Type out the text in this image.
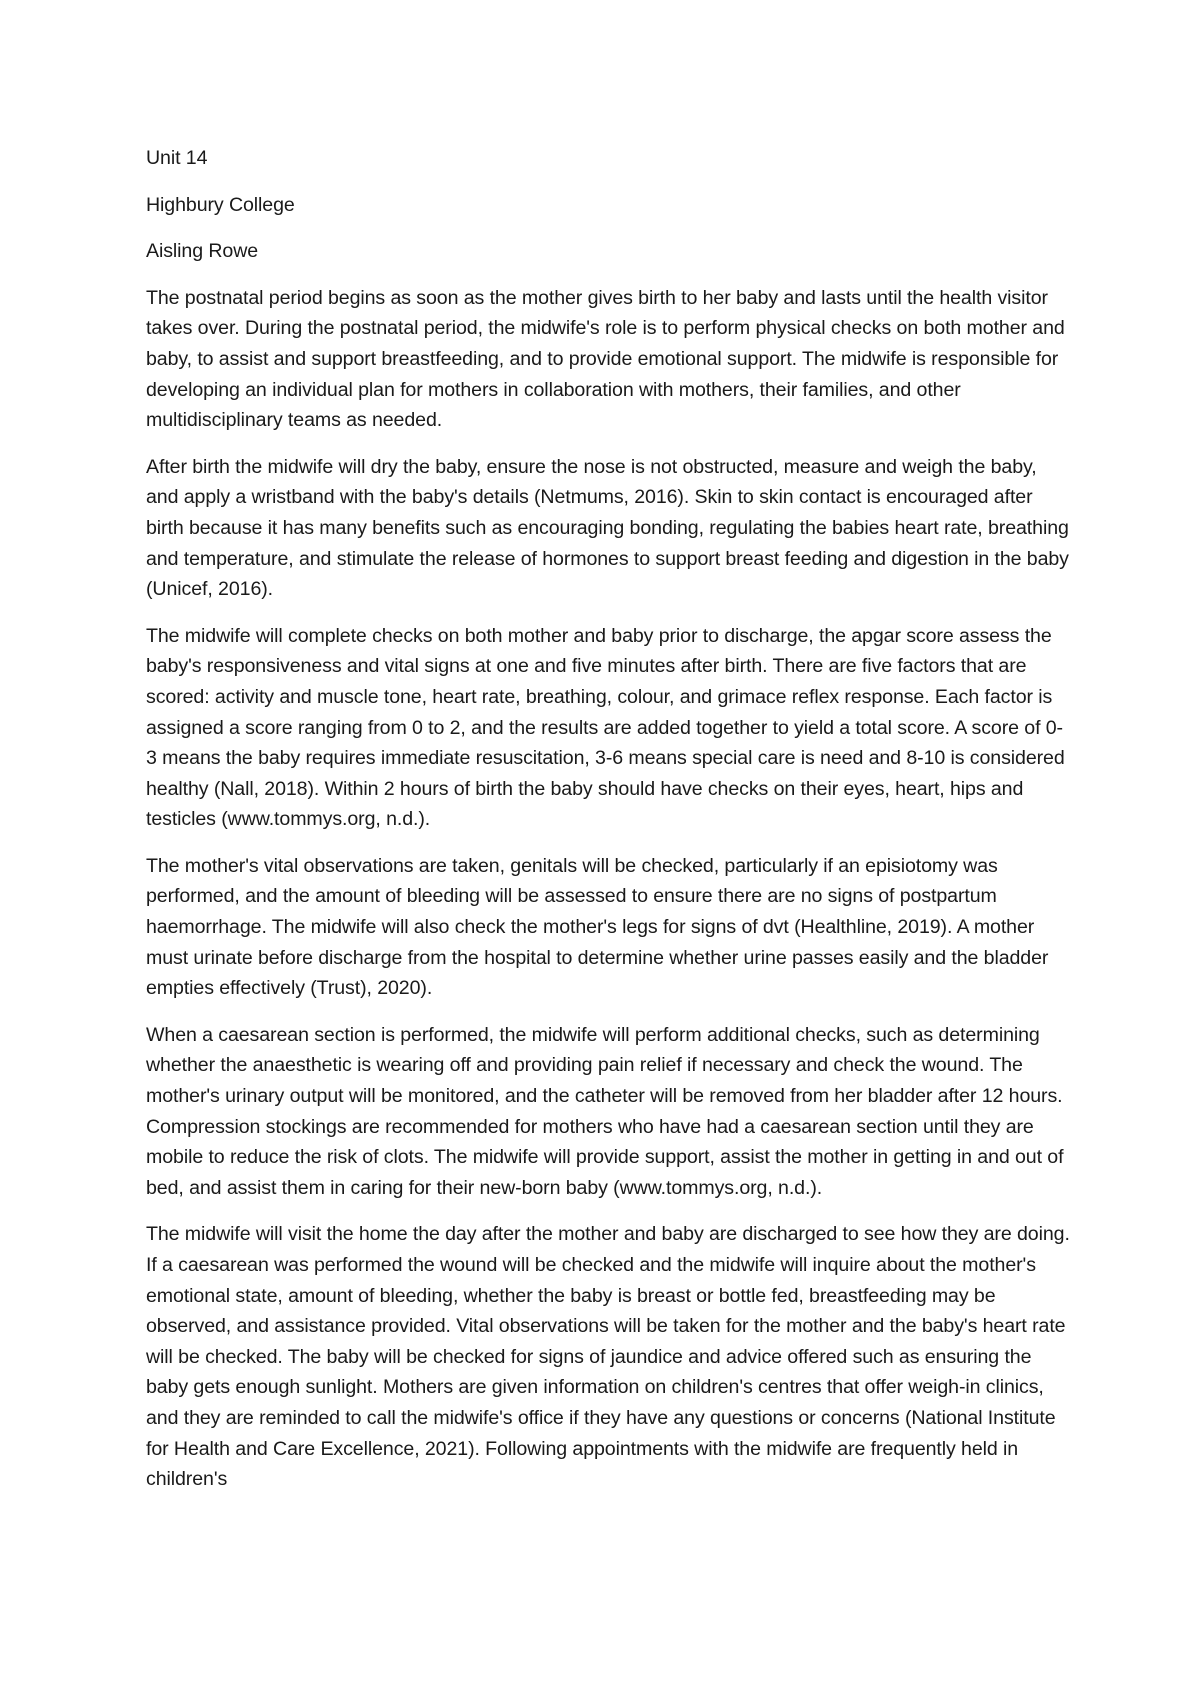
Unit 14

Highbury College

Aisling Rowe

The postnatal period begins as soon as the mother gives birth to her baby and lasts until the health visitor takes over. During the postnatal period, the midwife's role is to perform physical checks on both mother and baby, to assist and support breastfeeding, and to provide emotional support. The midwife is responsible for developing an individual plan for mothers in collaboration with mothers, their families, and other multidisciplinary teams as needed.

After birth the midwife will dry the baby, ensure the nose is not obstructed, measure and weigh the baby, and apply a wristband with the baby's details (Netmums, 2016). Skin to skin contact is encouraged after birth because it has many benefits such as encouraging bonding, regulating the babies heart rate, breathing and temperature, and stimulate the release of hormones to support breast feeding and digestion in the baby (Unicef, 2016).

The midwife will complete checks on both mother and baby prior to discharge, the apgar score assess the baby's responsiveness and vital signs at one and five minutes after birth. There are five factors that are scored: activity and muscle tone, heart rate, breathing, colour, and grimace reflex response. Each factor is assigned a score ranging from 0 to 2, and the results are added together to yield a total score. A score of 0-3 means the baby requires immediate resuscitation, 3-6 means special care is need and 8-10 is considered healthy (Nall, 2018). Within 2 hours of birth the baby should have checks on their eyes, heart, hips and testicles (www.tommys.org, n.d.).

The mother's vital observations are taken, genitals will be checked, particularly if an episiotomy was performed, and the amount of bleeding will be assessed to ensure there are no signs of postpartum haemorrhage. The midwife will also check the mother's legs for signs of dvt (Healthline, 2019). A mother must urinate before discharge from the hospital to determine whether urine passes easily and the bladder empties effectively (Trust), 2020).

When a caesarean section is performed, the midwife will perform additional checks, such as determining whether the anaesthetic is wearing off and providing pain relief if necessary and check the wound. The mother's urinary output will be monitored, and the catheter will be removed from her bladder after 12 hours. Compression stockings are recommended for mothers who have had a caesarean section until they are mobile to reduce the risk of clots. The midwife will provide support, assist the mother in getting in and out of bed, and assist them in caring for their new-born baby (www.tommys.org, n.d.).

The midwife will visit the home the day after the mother and baby are discharged to see how they are doing. If a caesarean was performed the wound will be checked and the midwife will inquire about the mother's emotional state, amount of bleeding, whether the baby is breast or bottle fed, breastfeeding may be observed, and assistance provided. Vital observations will be taken for the mother and the baby's heart rate will be checked. The baby will be checked for signs of jaundice and advice offered such as ensuring the baby gets enough sunlight. Mothers are given information on children's centres that offer weigh-in clinics, and they are reminded to call the midwife's office if they have any questions or concerns (National Institute for Health and Care Excellence, 2021). Following appointments with the midwife are frequently held in children's
